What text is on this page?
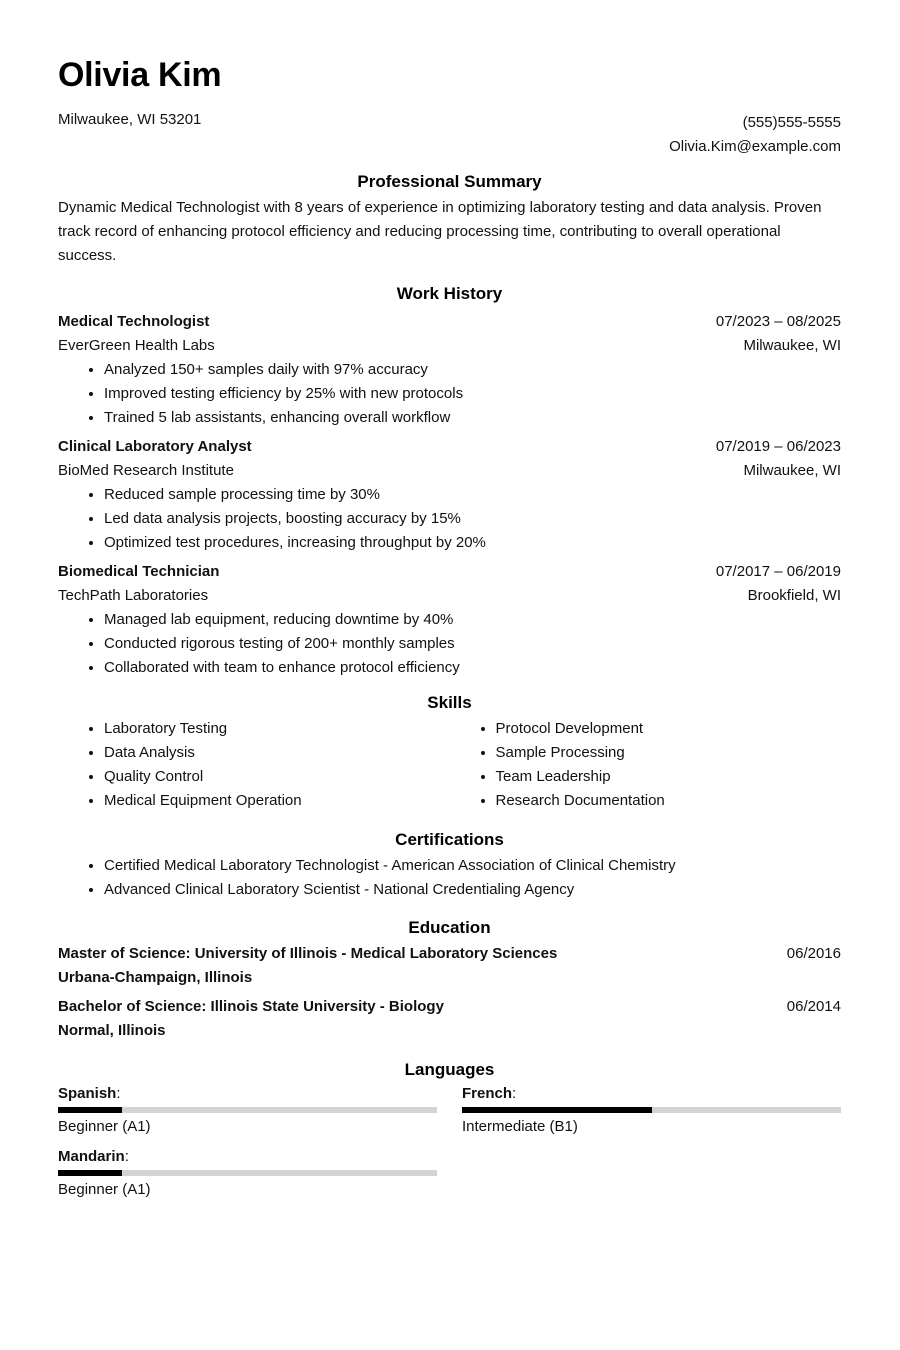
Olivia Kim
Milwaukee, WI 53201	(555)555-5555
Olivia.Kim@example.com
Professional Summary
Dynamic Medical Technologist with 8 years of experience in optimizing laboratory testing and data analysis. Proven track record of enhancing protocol efficiency and reducing processing time, contributing to overall operational success.
Work History
Medical Technologist	07/2023 – 08/2025
EverGreen Health Labs	Milwaukee, WI
• Analyzed 150+ samples daily with 97% accuracy
• Improved testing efficiency by 25% with new protocols
• Trained 5 lab assistants, enhancing overall workflow
Clinical Laboratory Analyst	07/2019 – 06/2023
BioMed Research Institute	Milwaukee, WI
• Reduced sample processing time by 30%
• Led data analysis projects, boosting accuracy by 15%
• Optimized test procedures, increasing throughput by 20%
Biomedical Technician	07/2017 – 06/2019
TechPath Laboratories	Brookfield, WI
• Managed lab equipment, reducing downtime by 40%
• Conducted rigorous testing of 200+ monthly samples
• Collaborated with team to enhance protocol efficiency
Skills
• Laboratory Testing
• Data Analysis
• Quality Control
• Medical Equipment Operation
• Protocol Development
• Sample Processing
• Team Leadership
• Research Documentation
Certifications
• Certified Medical Laboratory Technologist - American Association of Clinical Chemistry
• Advanced Clinical Laboratory Scientist - National Credentialing Agency
Education
Master of Science: University of Illinois - Medical Laboratory Sciences	06/2016
Urbana-Champaign, Illinois
Bachelor of Science: Illinois State University - Biology	06/2014
Normal, Illinois
Languages
Spanish:
Beginner (A1)
French:
Intermediate (B1)
Mandarin:
Beginner (A1)
